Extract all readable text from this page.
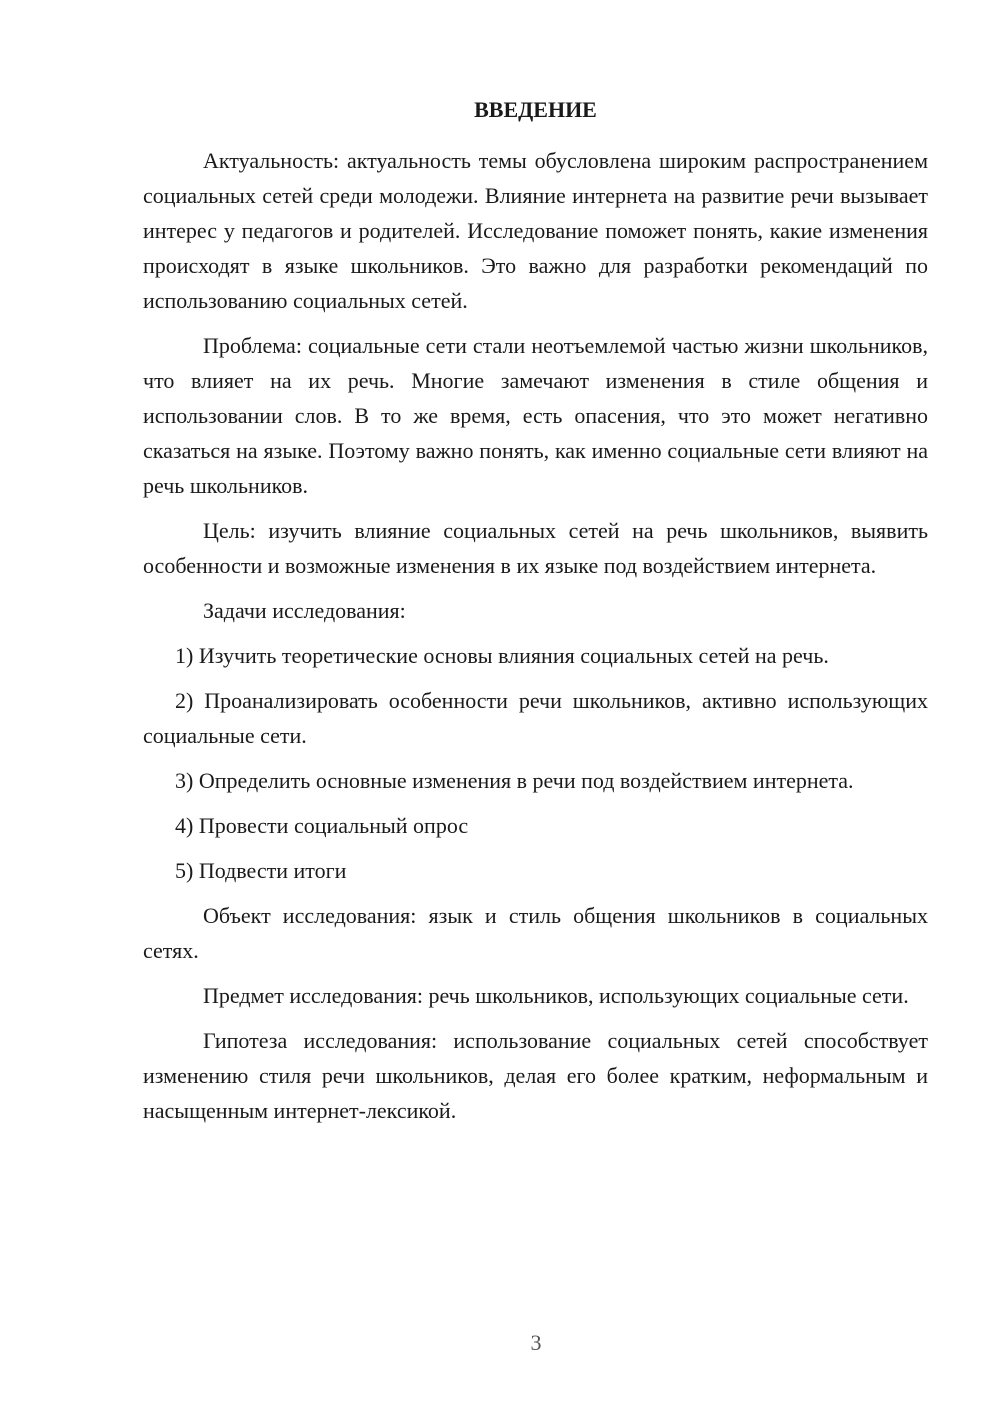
ВВЕДЕНИЕ

Актуальность: актуальность темы обусловлена широким распространением социальных сетей среди молодежи. Влияние интернета на развитие речи вызывает интерес у педагогов и родителей. Исследование поможет понять, какие изменения происходят в языке школьников. Это важно для разработки рекомендаций по использованию социальных сетей.

Проблема: социальные сети стали неотъемлемой частью жизни школьников, что влияет на их речь. Многие замечают изменения в стиле общения и использовании слов. В то же время, есть опасения, что это может негативно сказаться на языке. Поэтому важно понять, как именно социальные сети влияют на речь школьников.

Цель: изучить влияние социальных сетей на речь школьников, выявить особенности и возможные изменения в их языке под воздействием интернета.

Задачи исследования:

1) Изучить теоретические основы влияния социальных сетей на речь.

2) Проанализировать особенности речи школьников, активно использующих социальные сети.

3) Определить основные изменения в речи под воздействием интернета.

4) Провести социальный опрос

5) Подвести итоги

Объект исследования: язык и стиль общения школьников в социальных сетях.

Предмет исследования: речь школьников, использующих социальные сети.

Гипотеза исследования: использование социальных сетей способствует изменению стиля речи школьников, делая его более кратким, неформальным и насыщенным интернет-лексикой.

3
